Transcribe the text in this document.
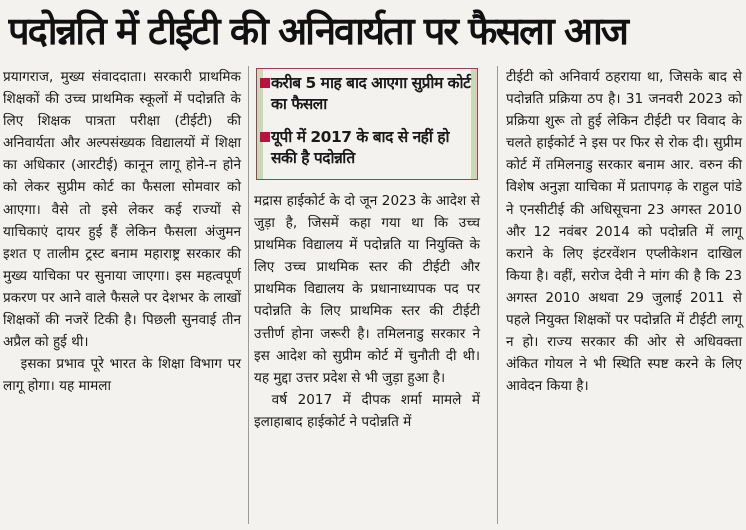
पदोन्नति में टीईटी की अनिवार्यता पर फैसला आज

प्रयागराज, मुख्य संवाददाता। सरकारी प्राथमिक शिक्षकों की उच्च प्राथमिक स्कूलों में पदोन्नति के लिए शिक्षक पात्रता परीक्षा (टीईटी) की अनिवार्यता और अल्पसंख्यक विद्यालयों में शिक्षा का अधिकार (आरटीई) कानून लागू होने-न होने को लेकर सुप्रीम कोर्ट का फैसला सोमवार को आएगा। वैसे तो इसे लेकर कई राज्यों से याचिकाएं दायर हुई हैं लेकिन फैसला अंजुमन इशत ए तालीम ट्रस्ट बनाम महाराष्ट्र सरकार की मुख्य याचिका पर सुनाया जाएगा। इस महत्वपूर्ण प्रकरण पर आने वाले फैसले पर देशभर के लाखों शिक्षकों की नजरें टिकी है। पिछली सुनवाई तीन अप्रैल को हुई थी।

इसका प्रभाव पूरे भारत के शिक्षा विभाग पर लागू होगा। यह मामला

करीब 5 माह बाद आएगा सुप्रीम कोर्ट का फैसला
यूपी में 2017 के बाद से नहीं हो सकी है पदोन्नति

मद्रास हाईकोर्ट के दो जून 2023 के आदेश से जुड़ा है, जिसमें कहा गया था कि उच्च प्राथमिक विद्यालय में पदोन्नति या नियुक्ति के लिए उच्च प्राथमिक स्तर की टीईटी और प्राथमिक विद्यालय के प्रधानाध्यापक पद पर पदोन्नति के लिए प्राथमिक स्तर की टीईटी उत्तीर्ण होना जरूरी है। तमिलनाडु सरकार ने इस आदेश को सुप्रीम कोर्ट में चुनौती दी थी। यह मुद्दा उत्तर प्रदेश से भी जुड़ा हुआ है।

वर्ष 2017 में दीपक शर्मा मामले में इलाहाबाद हाईकोर्ट ने पदोन्नति में

टीईटी को अनिवार्य ठहराया था, जिसके बाद से पदोन्नति प्रक्रिया ठप है। 31 जनवरी 2023 को प्रक्रिया शुरू तो हुई लेकिन टीईटी पर विवाद के चलते हाईकोर्ट ने इस पर फिर से रोक दी। सुप्रीम कोर्ट में तमिलनाडु सरकार बनाम आर. वरुन की विशेष अनुज्ञा याचिका में प्रतापगढ़ के राहुल पांडे ने एनसीटीई की अधिसूचना 23 अगस्त 2010 और 12 नवंबर 2014 को पदोन्नति में लागू कराने के लिए इंटरवेंशन एप्लीकेशन दाखिल किया है। वहीं, सरोज देवी ने मांग की है कि 23 अगस्त 2010 अथवा 29 जुलाई 2011 से पहले नियुक्त शिक्षकों पर पदोन्नति में टीईटी लागू न हो। राज्य सरकार की ओर से अधिवक्ता अंकित गोयल ने भी स्थिति स्पष्ट करने के लिए आवेदन किया है।
